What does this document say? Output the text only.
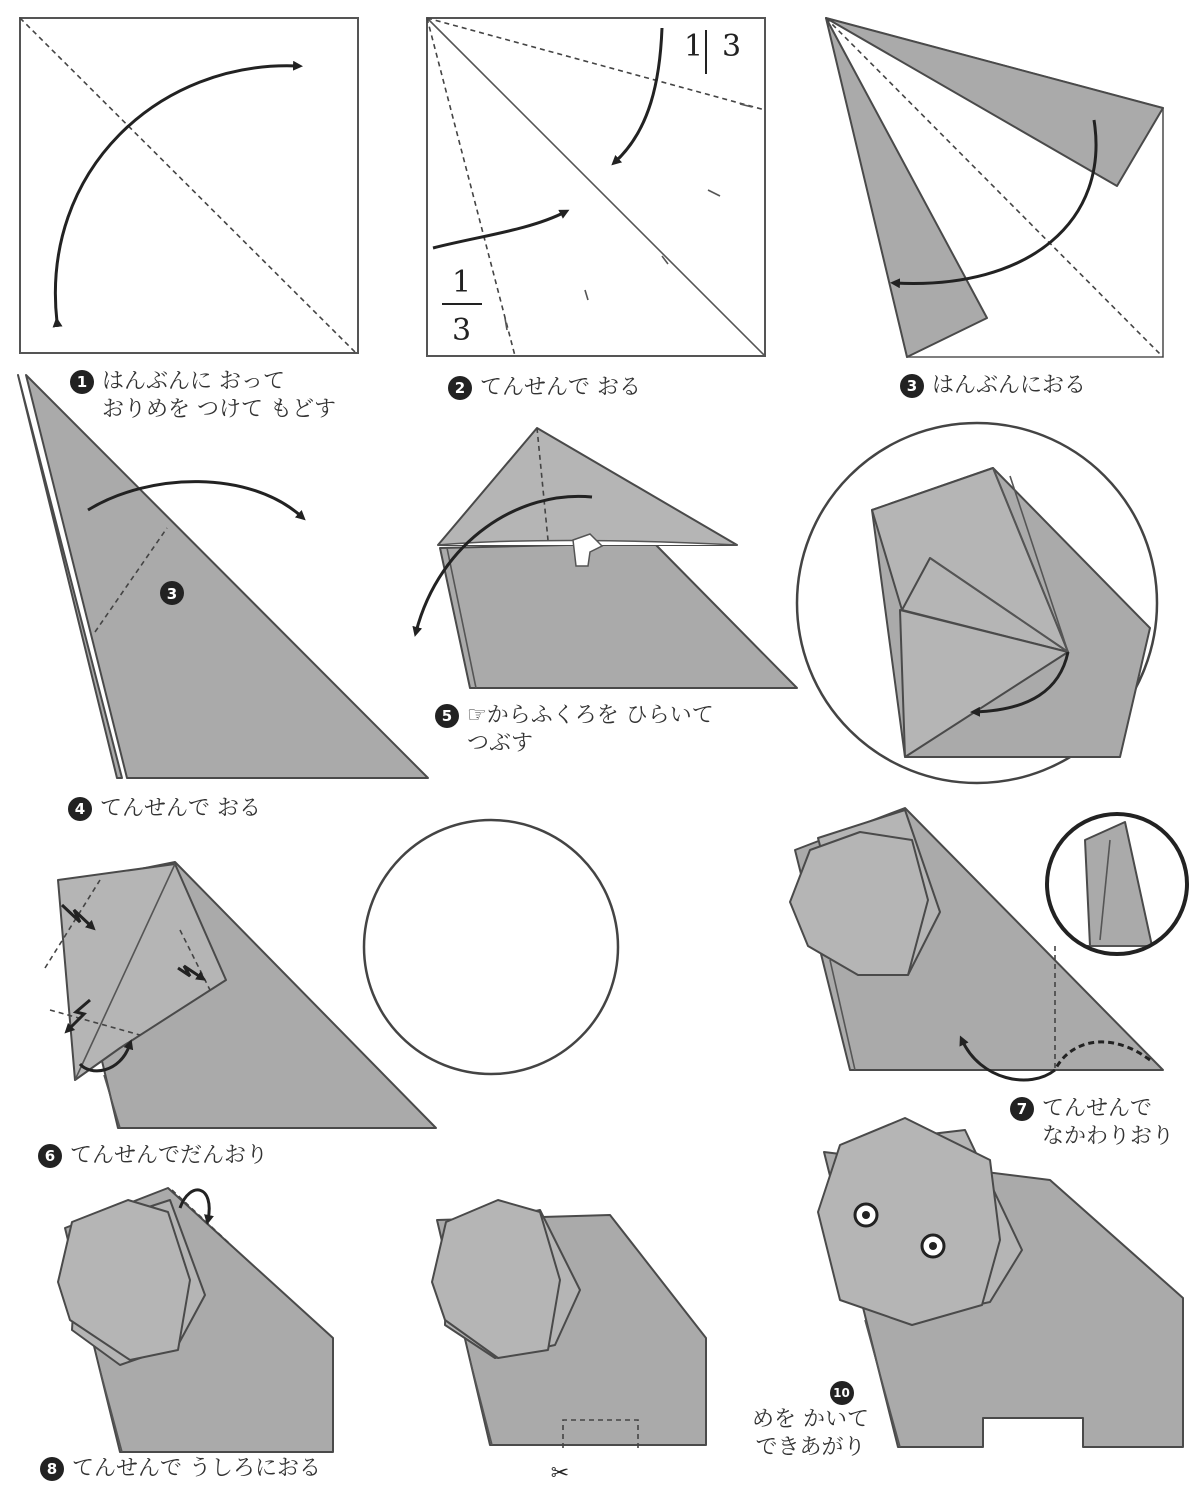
1 3
1
3
3
✂
1 はんぶんに おって
おりめを つけて もどす
2 てんせんで おる	3 はんぶんにおる
4 てんせんで おる
5 ☞からふくろを ひらいて
つぶす
6 てんせんでだんおり
7 てんせんで
なかわりおり
8 てんせんで うしろにおる
10
めを かいて
できあがり
